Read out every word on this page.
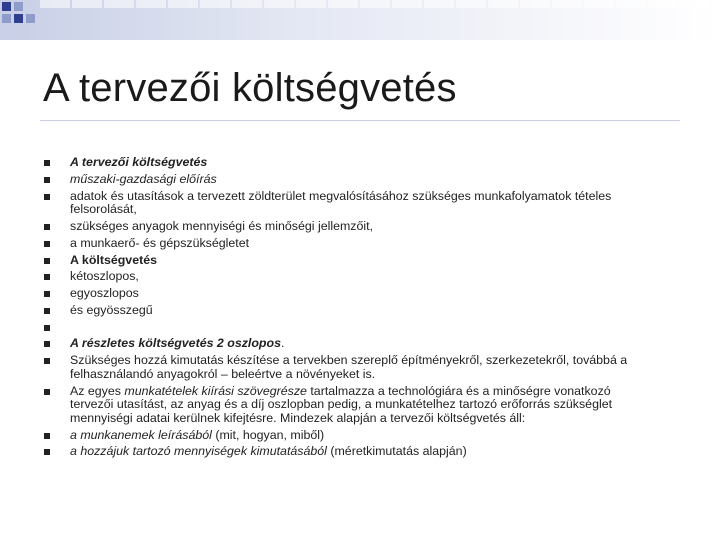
A tervezői költségvetés
A tervezői költségvetés
műszaki-gazdasági előírás
adatok és utasítások a tervezett zöldterület megvalósításához szükséges munkafolyamatok tételes felsorolását,
szükséges anyagok mennyiségi és minőségi jellemzőit,
a munkaerő- és gépszükségletet
A költségvetés
kétoszlopos,
egyoszlopos
és egyösszegű
A részletes költségvetés 2 oszlopos.
Szükséges hozzá kimutatás készítése a tervekben szereplő építményekről, szerkezetekről, továbbá a felhasználandó anyagokról – beleértve a növényeket is.
Az egyes munkatételek kiírási szövegrésze tartalmazza a technológiára és a minőségre vonatkozó tervezői utasítást, az anyag és a díj oszlopban pedig, a munkatételhez tartozó erőforrás szükséglet mennyiségi adatai kerülnek kifejtésre. Mindezek alapján a tervezői költségvetés áll:
a munkanemek leírásából (mit, hogyan, miből)
a hozzájuk tartozó mennyiségek kimutatásából (méretkimutatás alapján)
